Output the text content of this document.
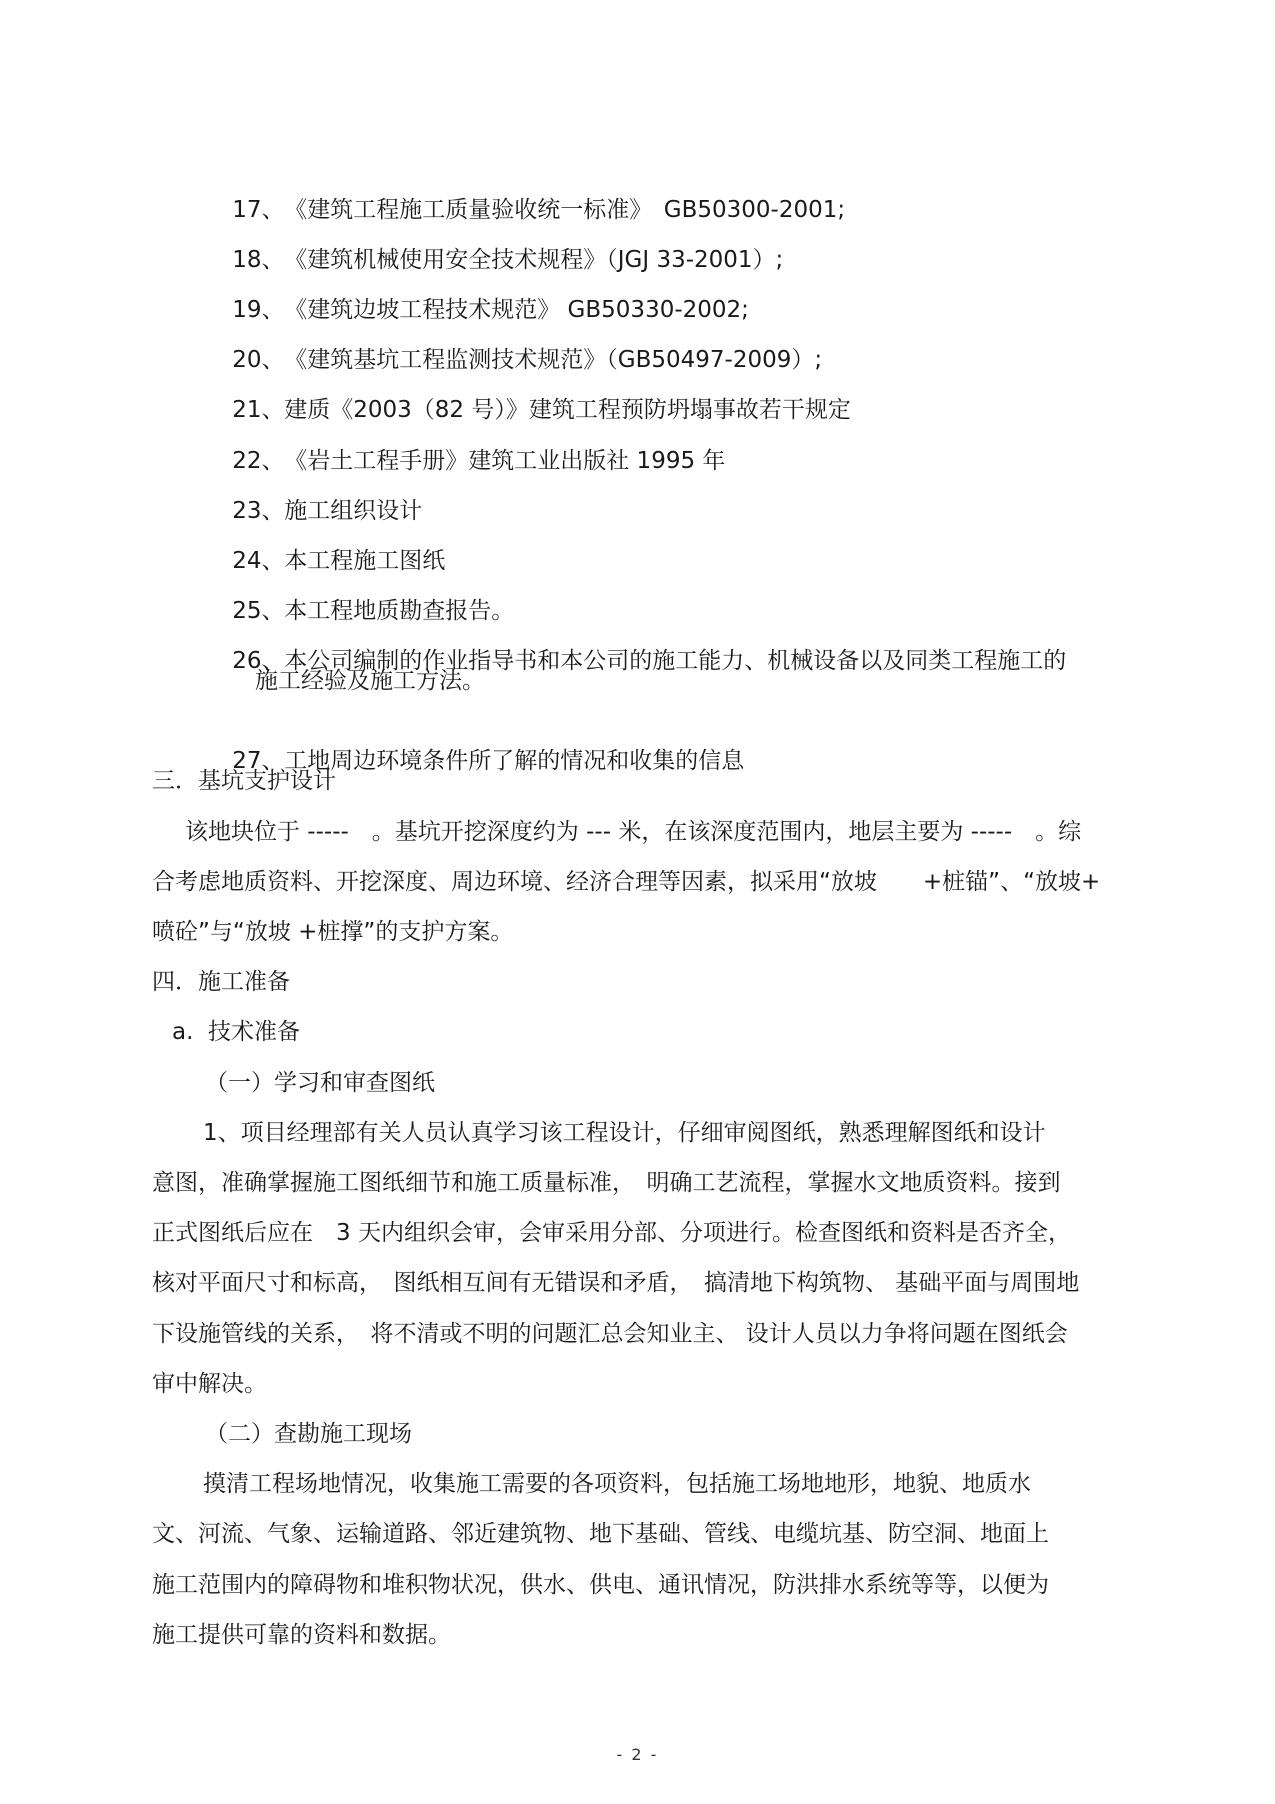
17、《建筑工程施工质量验收统一标准》　GB50300-2001;

18、《建筑机械使用安全技术规程》（JGJ 33-2001）;

19、《建筑边坡工程技术规范》 GB50330-2002;

20、《建筑基坑工程监测技术规范》（GB50497-2009）;

21、建质《2003（82 号）》建筑工程预防坍塌事故若干规定

22、《岩土工程手册》建筑工业出版社 1995 年

23、施工组织设计

24、本工程施工图纸

25、本工程地质勘查报告。

26、本公司编制的作业指导书和本公司的施工能力、机械设备以及同类工程施工的

施工经验及施工方法。

27、工地周边环境条件所了解的情况和收集的信息

三．基坑支护设计
该地块位于 -----　。基坑开挖深度约为 --- 米，在该深度范围内，地层主要为 -----　。综
合考虑地质资料、开挖深度、周边环境、经济合理等因素，拟采用“放坡　　+桩锚”、“放坡+
喷砼”与“放坡 +桩撑”的支护方案。
四．施工准备
a.  技术准备
（一）学习和审查图纸
1、项目经理部有关人员认真学习该工程设计，仔细审阅图纸，熟悉理解图纸和设计
意图，准确掌握施工图纸细节和施工质量标准，　明确工艺流程，掌握水文地质资料。接到
正式图纸后应在　3 天内组织会审，会审采用分部、分项进行。检查图纸和资料是否齐全，
核对平面尺寸和标高，　图纸相互间有无错误和矛盾，　搞清地下构筑物、 基础平面与周围地
下设施管线的关系，　将不清或不明的问题汇总会知业主、 设计人员以力争将问题在图纸会
审中解决。
（二）查勘施工现场
摸清工程场地情况，收集施工需要的各项资料，包括施工场地地形，地貌、地质水
文、河流、气象、运输道路、邻近建筑物、地下基础、管线、电缆坑基、防空洞、地面上
施工范围内的障碍物和堆积物状况，供水、供电、通讯情况，防洪排水系统等等，以便为
施工提供可靠的资料和数据。
- 2 -
